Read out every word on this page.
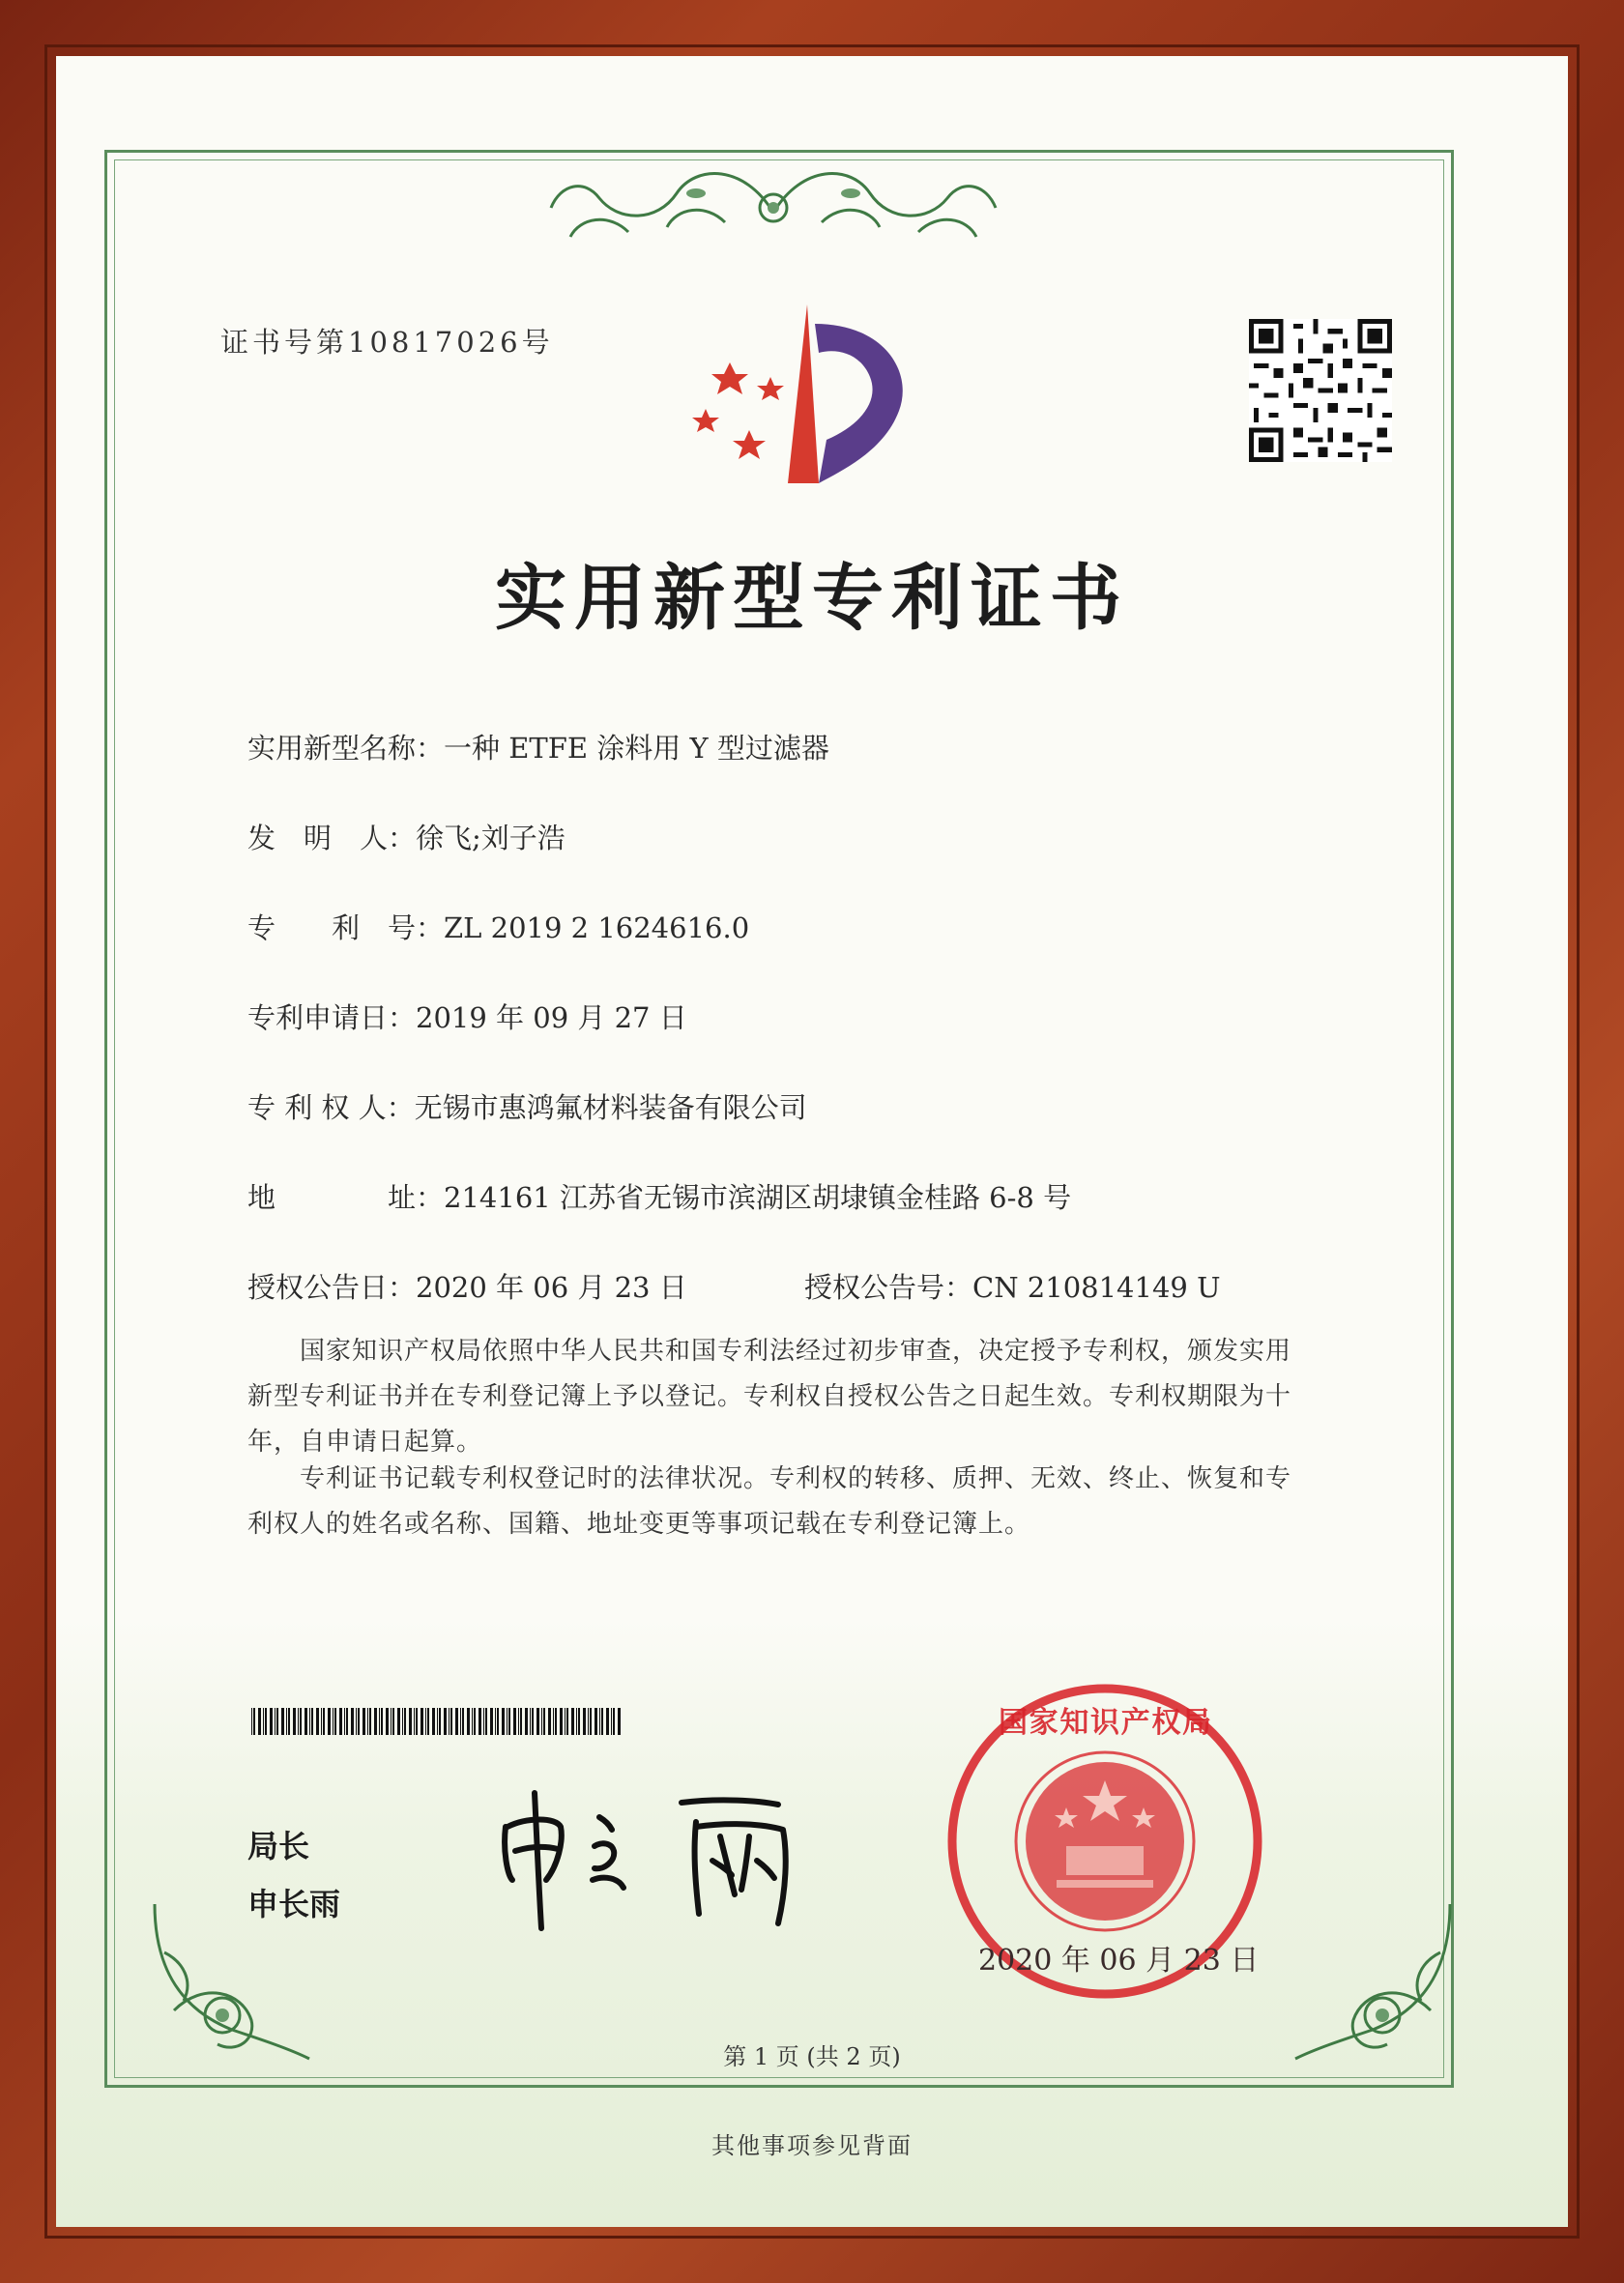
证书号第10817026号
实用新型专利证书
实用新型名称：一种 ETFE 涂料用 Y 型过滤器
发　明　人：徐飞;刘子浩
专　　利　号：ZL 2019 2 1624616.0
专利申请日：2019 年 09 月 27 日
专 利 权 人：无锡市惠鸿氟材料装备有限公司
地　　　　址：214161 江苏省无锡市滨湖区胡埭镇金桂路 6-8 号
授权公告日：2020 年 06 月 23 日	授权公告号：CN 210814149 U
　　国家知识产权局依照中华人民共和国专利法经过初步审查，决定授予专利权，颁发实用
新型专利证书并在专利登记簿上予以登记。专利权自授权公告之日起生效。专利权期限为十
年，自申请日起算。
　　专利证书记载专利权登记时的法律状况。专利权的转移、质押、无效、终止、恢复和专
利权人的姓名或名称、国籍、地址变更等事项记载在专利登记簿上。
局长
申长雨
国家知识产权局
2020 年 06 月 23 日
第 1 页 (共 2 页)
其他事项参见背面
